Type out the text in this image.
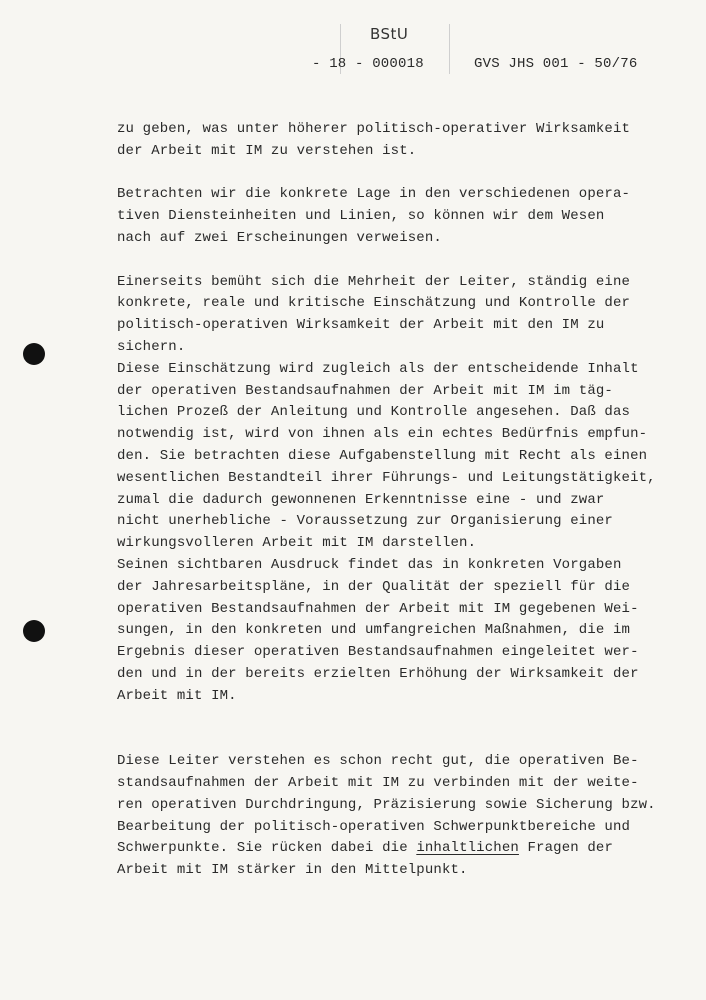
BStU
- 18 - 000018	GVS JHS 001 - 50/76
zu geben, was unter höherer politisch-operativer Wirksamkeit
der Arbeit mit IM zu verstehen ist.
Betrachten wir die konkrete Lage in den verschiedenen opera-
tiven Diensteinheiten und Linien, so können wir dem Wesen
nach auf zwei Erscheinungen verweisen.
Einerseits bemüht sich die Mehrheit der Leiter, ständig eine
konkrete, reale und kritische Einschätzung und Kontrolle der
politisch-operativen Wirksamkeit der Arbeit mit den IM zu
sichern.
Diese Einschätzung wird zugleich als der entscheidende Inhalt
der operativen Bestandsaufnahmen der Arbeit mit IM im täg-
lichen Prozeß der Anleitung und Kontrolle angesehen. Daß das
notwendig ist, wird von ihnen als ein echtes Bedürfnis empfun-
den. Sie betrachten diese Aufgabenstellung mit Recht als einen
wesentlichen Bestandteil ihrer Führungs- und Leitungstätigkeit,
zumal die dadurch gewonnenen Erkenntnisse eine - und zwar
nicht unerhebliche - Voraussetzung zur Organisierung einer
wirkungsvolleren Arbeit mit IM darstellen.
Seinen sichtbaren Ausdruck findet das in konkreten Vorgaben
der Jahresarbeitspläne, in der Qualität der speziell für die
operativen Bestandsaufnahmen der Arbeit mit IM gegebenen Wei-
sungen, in den konkreten und umfangreichen Maßnahmen, die im
Ergebnis dieser operativen Bestandsaufnahmen eingeleitet wer-
den und in der bereits erzielten Erhöhung der Wirksamkeit der
Arbeit mit IM.
Diese Leiter verstehen es schon recht gut, die operativen Be-
standsaufnahmen der Arbeit mit IM zu verbinden mit der weite-
ren operativen Durchdringung, Präzisierung sowie Sicherung bzw.
Bearbeitung der politisch-operativen Schwerpunktbereiche und
Schwerpunkte. Sie rücken dabei die inhaltlichen Fragen der
Arbeit mit IM stärker in den Mittelpunkt.
